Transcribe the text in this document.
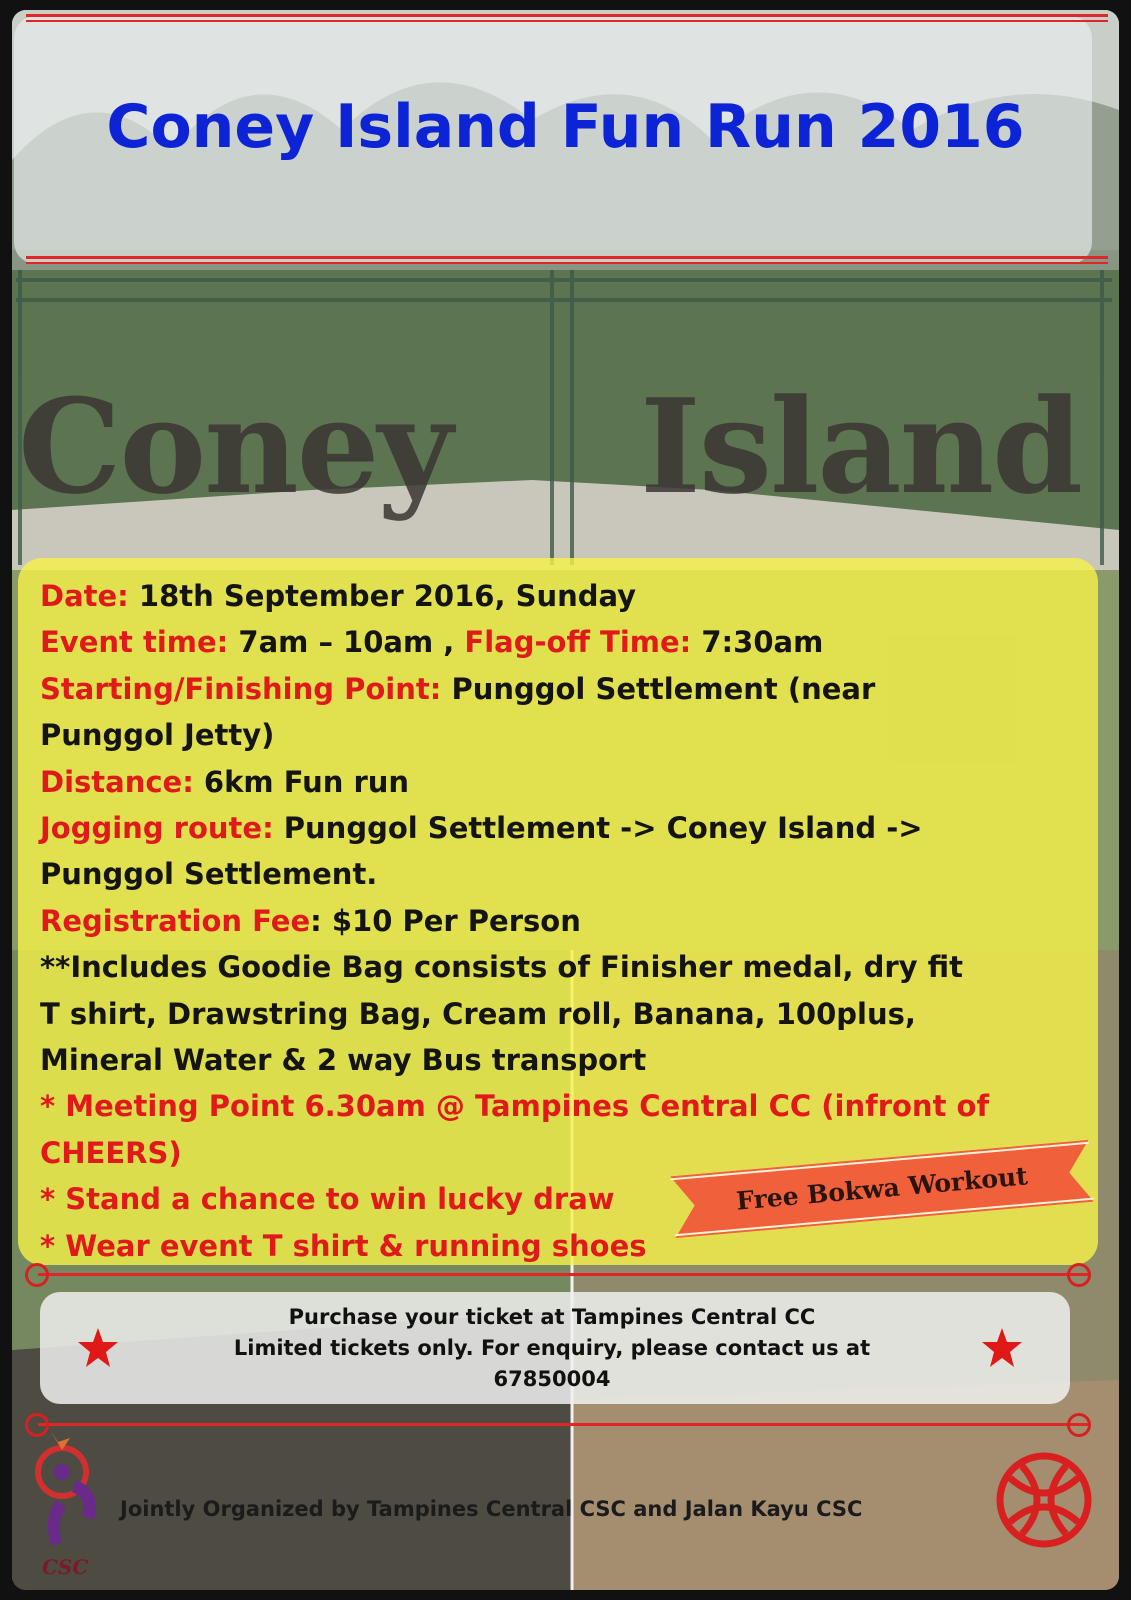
Coney Island Fun Run 2016
Coney Island
Date: 18th September 2016, Sunday
Event time: 7am – 10am , Flag-off Time: 7:30am
Starting/Finishing Point: Punggol Settlement (near
Punggol Jetty)
Distance: 6km Fun run
Jogging route: Punggol Settlement -> Coney Island ->
Punggol Settlement.
Registration Fee: $10 Per Person
**Includes Goodie Bag consists of Finisher medal, dry fit
T shirt, Drawstring Bag, Cream roll, Banana, 100plus,
Mineral Water & 2 way Bus transport
* Meeting Point 6.30am @ Tampines Central CC (infront of
CHEERS)
* Stand a chance to win lucky draw
* Wear event T shirt & running shoes
Free Bokwa Workout
Purchase your ticket at Tampines Central CC
Limited tickets only. For enquiry, please contact us at
67850004
CSC
Jointly Organized by Tampines Central CSC and Jalan Kayu CSC
